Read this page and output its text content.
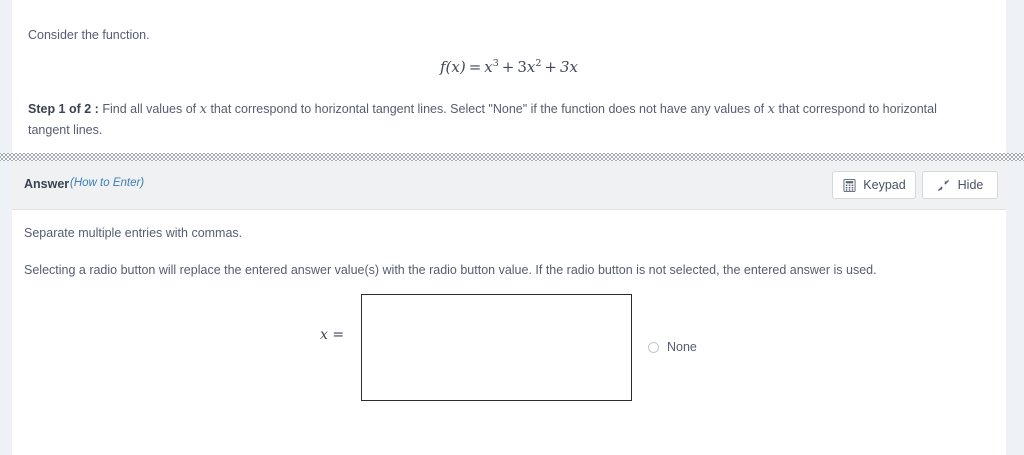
Consider the function.
$f(x) = x^3 + 3x^2 + 3x$
Step 1 of 2 : Find all values of x that correspond to horizontal tangent lines. Select "None" if the function does not have any values of x that correspond to horizontal tangent lines.
Answer (How to Enter)	Keypad	Hide
Separate multiple entries with commas.
Selecting a radio button will replace the entered answer value(s) with the radio button value. If the radio button is not selected, the entered answer is used.
x =
None
